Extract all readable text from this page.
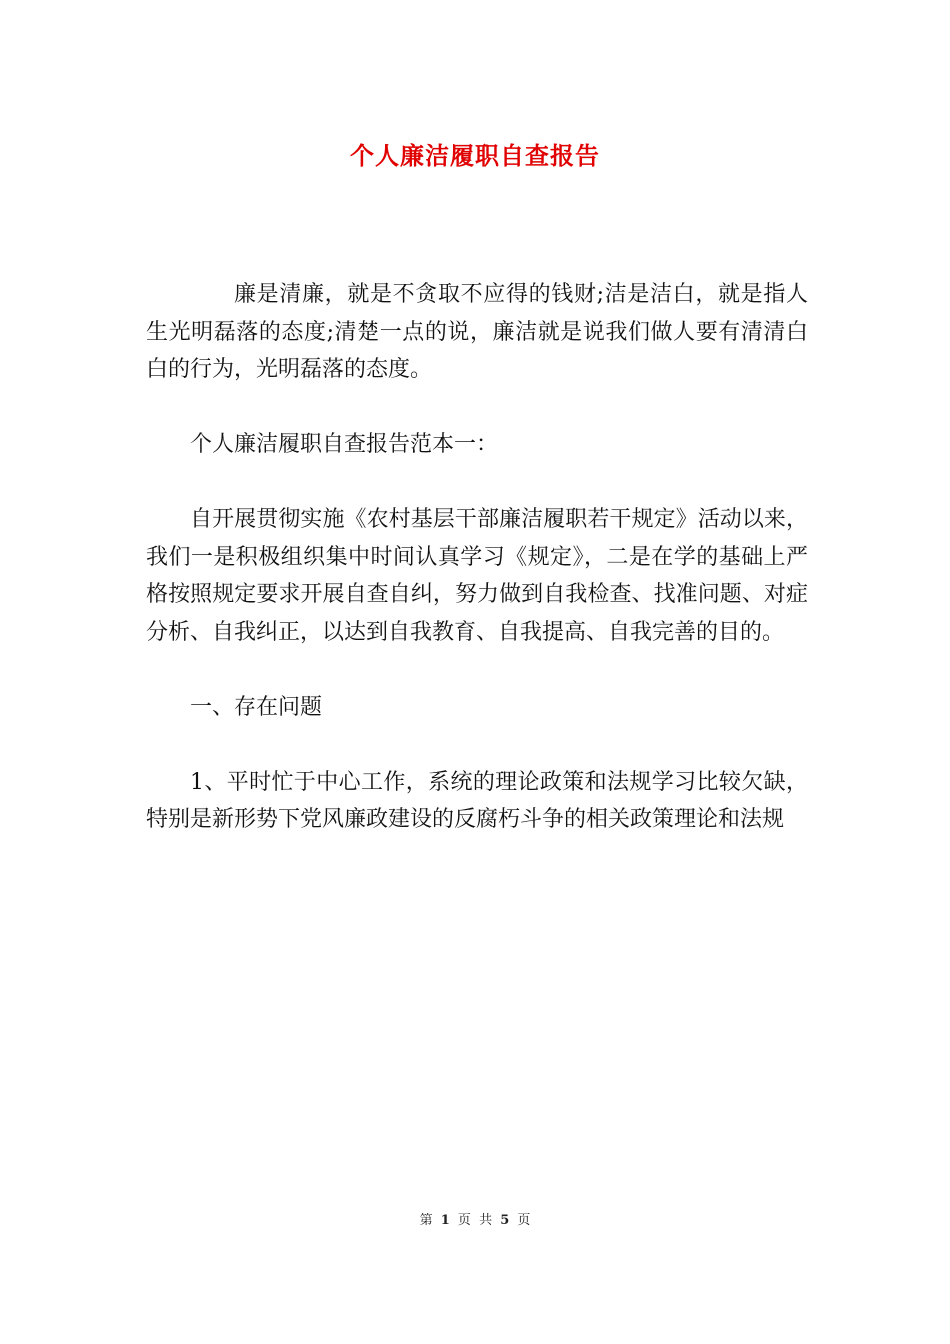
个人廉洁履职自查报告

廉是清廉，就是不贪取不应得的钱财;洁是洁白，就是指人生光明磊落的态度;清楚一点的说，廉洁就是说我们做人要有清清白白的行为，光明磊落的态度。

个人廉洁履职自查报告范本一：

自开展贯彻实施《农村基层干部廉洁履职若干规定》活动以来，我们一是积极组织集中时间认真学习《规定》，二是在学的基础上严格按照规定要求开展自查自纠，努力做到自我检查、找准问题、对症分析、自我纠正，以达到自我教育、自我提高、自我完善的目的。

一、存在问题

1、平时忙于中心工作，系统的理论政策和法规学习比较欠缺，特别是新形势下党风廉政建设的反腐朽斗争的相关政策理论和法规

第 1 页 共 5 页
